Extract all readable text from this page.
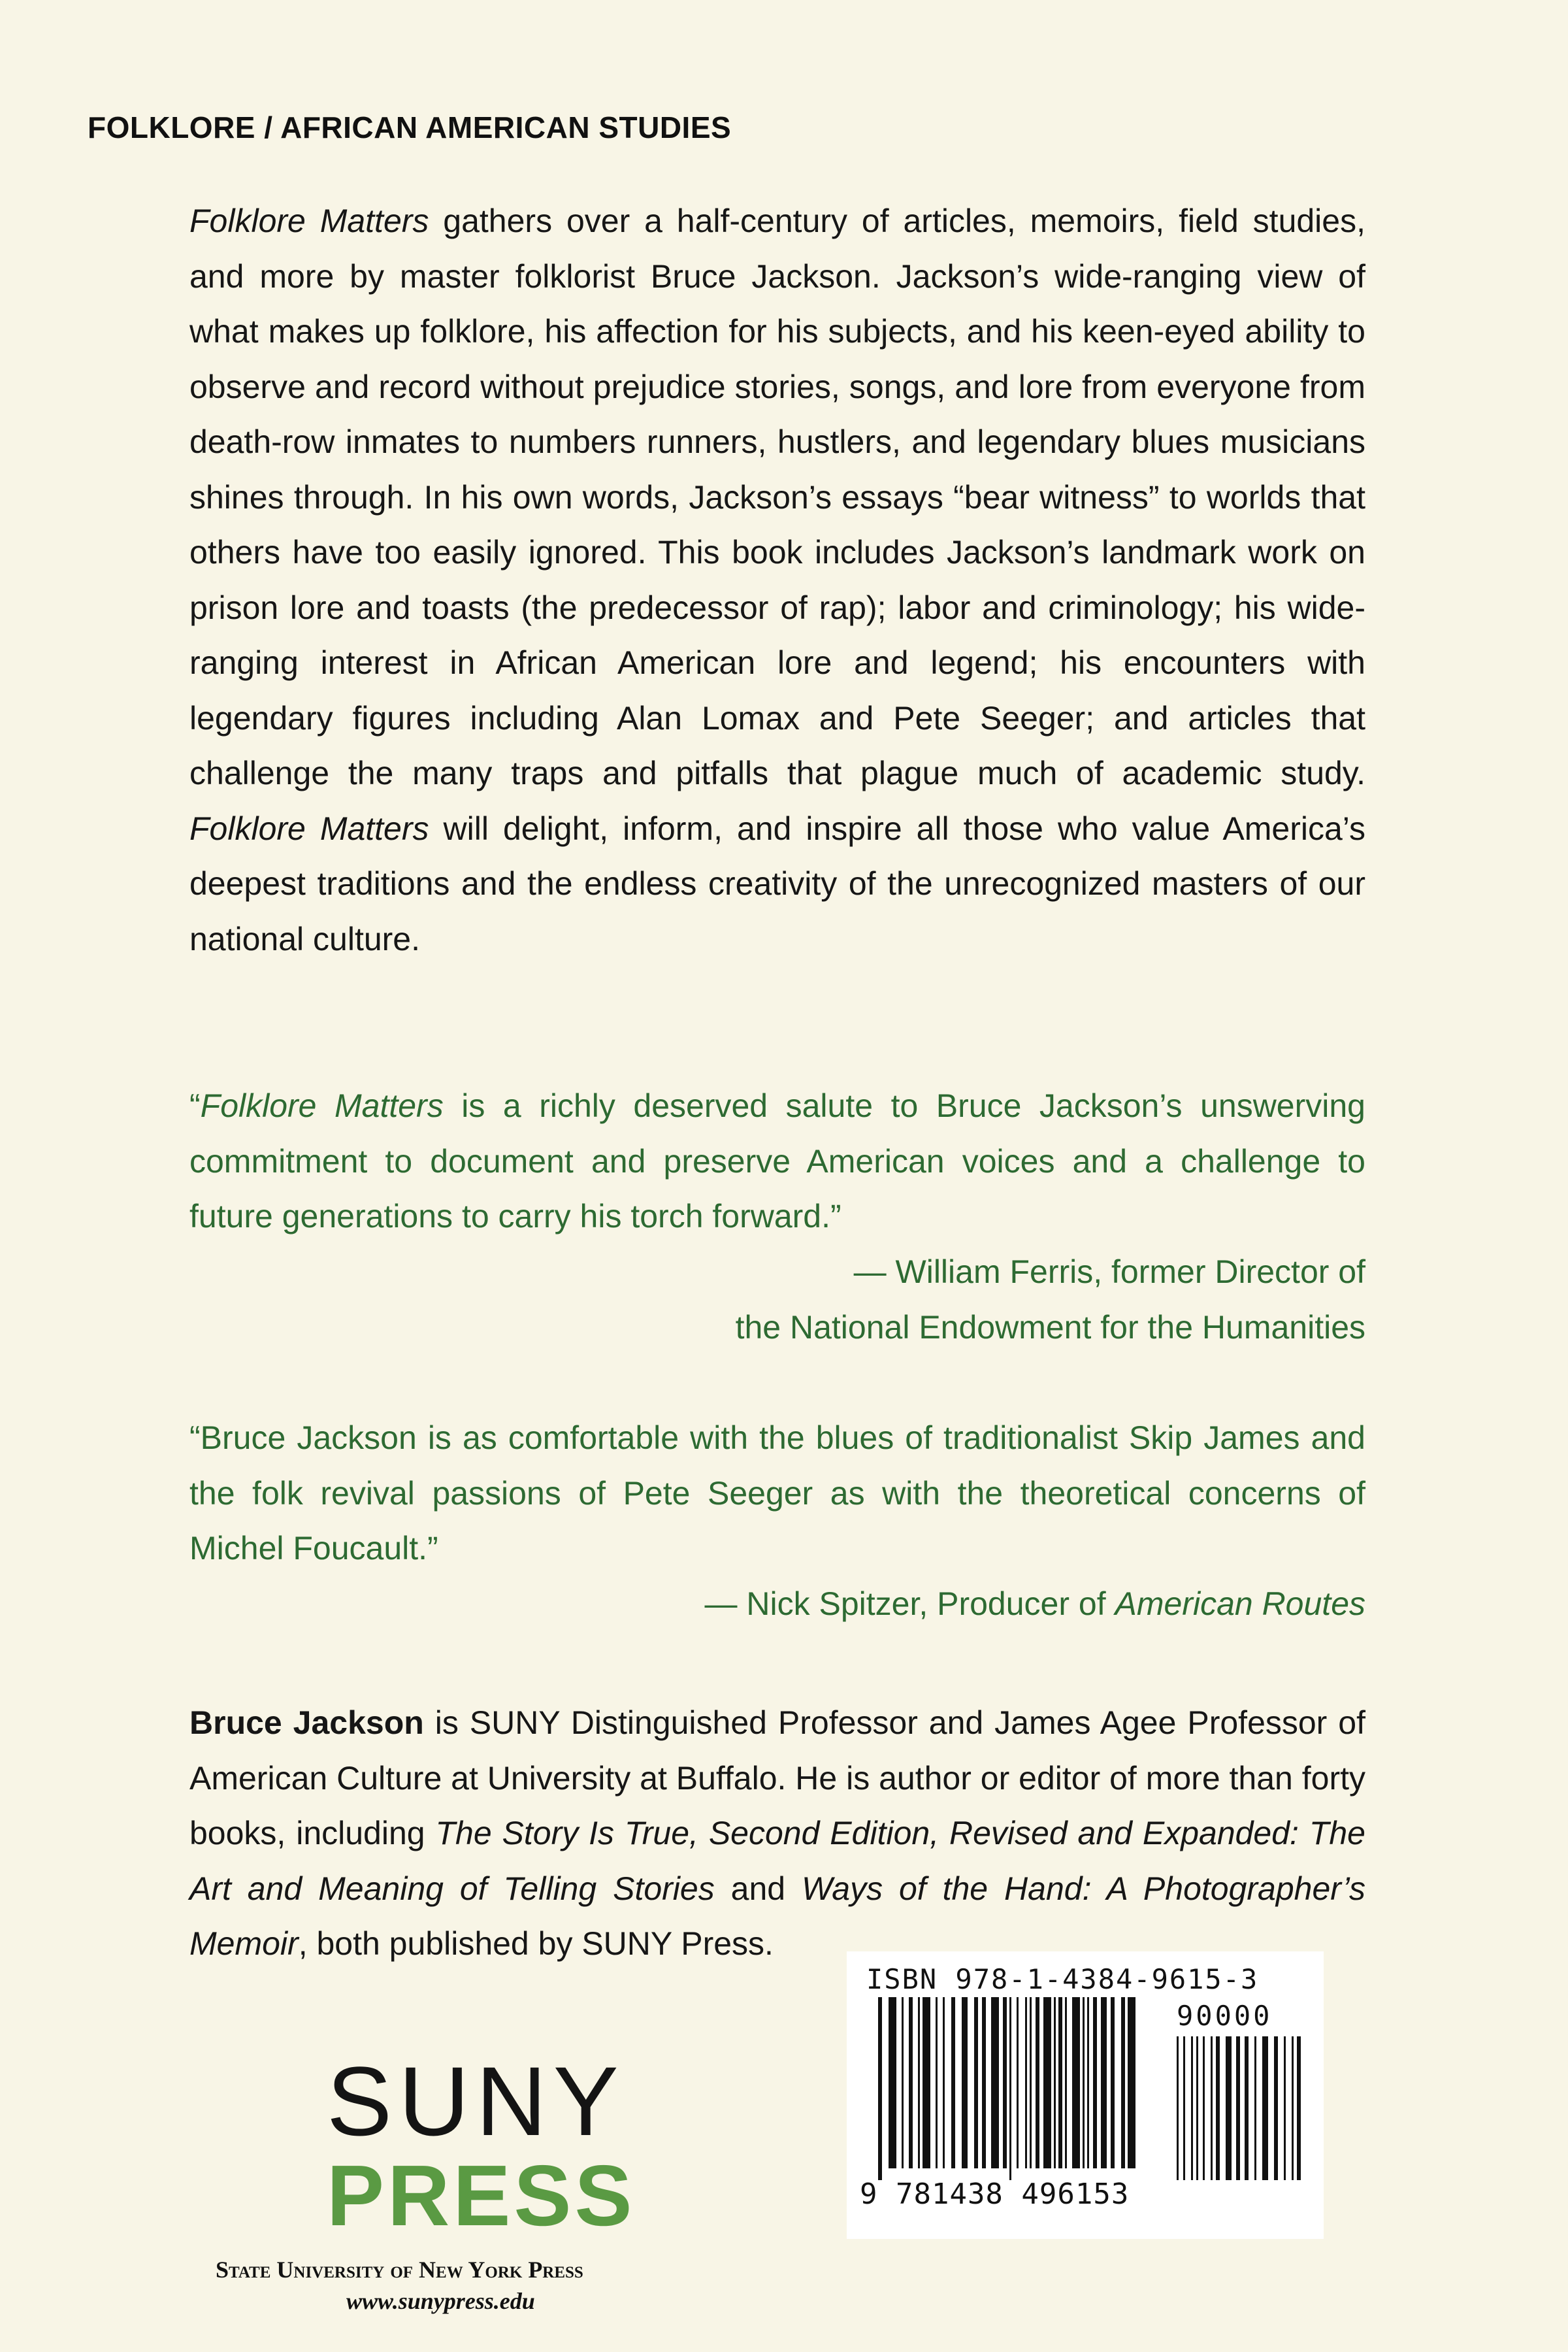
FOLKLORE / AFRICAN AMERICAN STUDIES
Folklore Matters gathers over a half-century of articles, memoirs, field studies, and more by master folklorist Bruce Jackson. Jackson’s wide-ranging view of what makes up folklore, his affection for his subjects, and his keen-eyed ability to observe and record without prejudice stories, songs, and lore from everyone from death-row inmates to numbers runners, hustlers, and legendary blues musicians shines through. In his own words, Jackson’s essays “bear witness” to worlds that others have too easily ignored. This book includes Jackson’s landmark work on prison lore and toasts (the predecessor of rap); labor and criminology; his wide-ranging interest in African American lore and legend; his encounters with legendary figures including Alan Lomax and Pete Seeger; and articles that challenge the many traps and pitfalls that plague much of academic study. Folklore Matters will delight, inform, and inspire all those who value America’s deepest traditions and the endless creativity of the unrecognized masters of our national culture.
“Folklore Matters is a richly deserved salute to Bruce Jackson’s unswerving commitment to document and preserve American voices and a challenge to future generations to carry his torch forward.”
— William Ferris, former Director of
the National Endowment for the Humanities
“Bruce Jackson is as comfortable with the blues of traditionalist Skip James and the folk revival passions of Pete Seeger as with the theoretical concerns of Michel Foucault.”
— Nick Spitzer, Producer of American Routes
Bruce Jackson is SUNY Distinguished Professor and James Agee Professor of American Culture at University at Buffalo. He is author or editor of more than forty books, including The Story Is True, Second Edition, Revised and Expanded: The Art and Meaning of Telling Stories and Ways of the Hand: A Photographer’s Memoir, both published by SUNY Press.
SUNY
PRESS
State University of New York Press
www.sunypress.edu
ISBN 978-1-4384-9615-3
90000
9 781438 496153
